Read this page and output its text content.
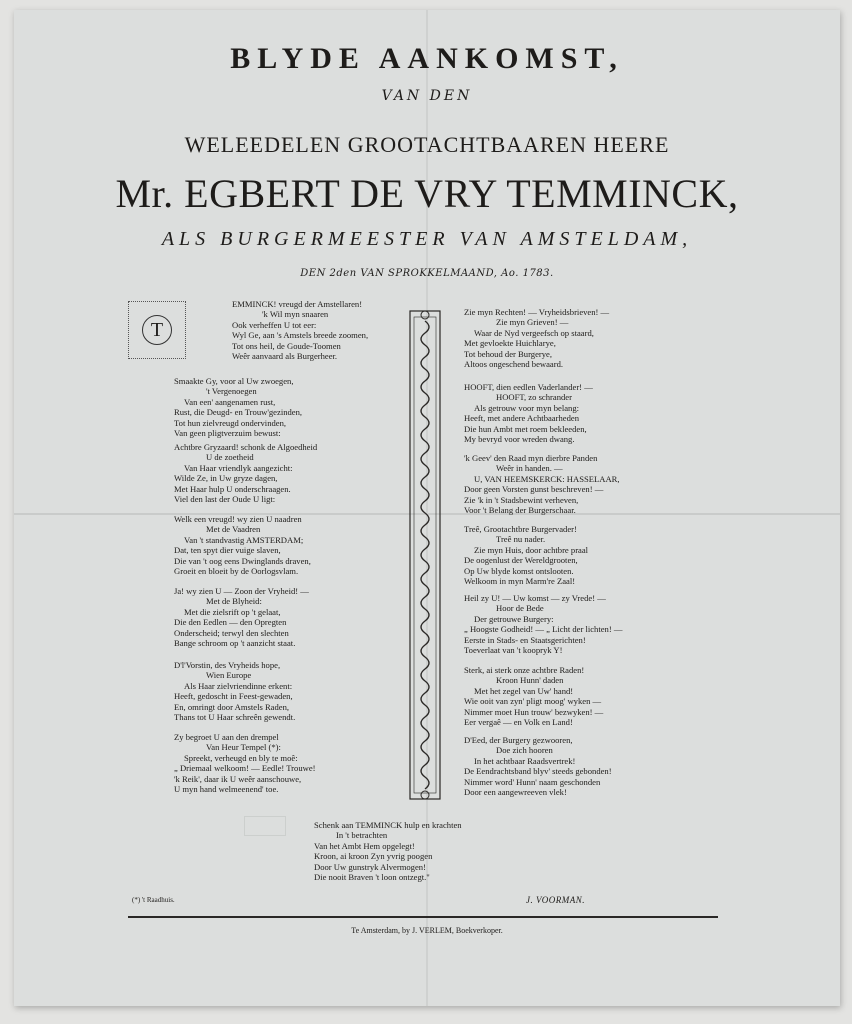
BLYDE AANKOMST,
VAN DEN
WELEEDELEN GROOTACHTBAAREN HEERE
Mr. EGBERT DE VRY TEMMINCK,
ALS BURGERMEESTER VAN AMSTELDAM,
DEN 2den VAN SPROKKELMAAND, Ao. 1783.
T
EMMINCK! vreugd der Amstellaren!
'k Wil myn snaaren
Ook verheffen U tot eer:
Wyl Ge, aan 's Amstels breede zoomen,
Tot ons heil, de Goude-Toomen
Weêr aanvaard als Burgerheer.
Smaakte Gy, voor al Uw zwoegen,
't Vergenoegen
Van een' aangenamen rust,
Rust, die Deugd- en Trouw'gezinden,
Tot hun zielvreugd ondervinden,
Van geen pligtverzuim bewust:
Achtbre Gryzaard! schonk de Algoedheid
U de zoetheid
Van Haar vriendlyk aangezicht:
Wilde Ze, in Uw gryze dagen,
Met Haar hulp U onderschraagen.
Viel den last der Oude U ligt:
Welk een vreugd! wy zien U naadren
Met de Vaadren
Van 't standvastig AMSTERDAM;
Dat, ten spyt dier vuige slaven,
Die van 't oog eens Dwinglands draven,
Groeit en bloeit by de Oorlogsvlam.
Ja! wy zien U — Zoon der Vryheid! —
Met de Blyheid:
Met die zielsrift op 't gelaat,
Die den Eedlen — den Opregten
Onderscheid; terwyl den slechten
Bange schroom op 't aanzicht staat.
D'l'Vorstin, des Vryheids hope,
Wien Europe
Als Haar zielvriendinne erkent:
Heeft, gedoscht in Feest-gewaden,
En, omringt door Amstels Raden,
Thans tot U Haar schreên gewendt.
Zy begroet U aan den drempel
Van Heur Tempel (*):
Spreekt, verheugd en bly te moê:
„ Driemaal welkoom! — Eedle! Trouwe!
'k Reik', daar ik U weêr aanschouwe,
U myn hand welmeenend' toe.
Zie myn Rechten! — Vryheidsbrieven! —
Zie myn Grieven! —
Waar de Nyd vergeefsch op staard,
Met gevloekte Huichlarye,
Tot behoud der Burgerye,
Altoos ongeschend bewaard.
HOOFT, dien eedlen Vaderlander! —
HOOFT, zo schrander
Als getrouw voor myn belang:
Heeft, met andere Achtbaarheden
Die hun Ambt met roem bekleeden,
My bevryd voor wreden dwang.
'k Geev' den Raad myn dierbre Panden
Weêr in handen. —
U, VAN HEEMSKERCK: HASSELAAR,
Door geen Vorsten gunst beschreven! —
Zie 'k in 't Stadsbewint verheven,
Voor 't Belang der Burgerschaar.
Treê, Grootachtbre Burgervader!
Treê nu nader.
Zie myn Huis, door achtbre praal
De oogenlust der Wereldgrooten,
Op Uw blyde komst ontslooten.
Welkoom in myn Marm're Zaal!
Heil zy U! — Uw komst — zy Vrede! —
Hoor de Bede
Der getrouwe Burgery:
„ Hoogste Godheid! — „ Licht der lichten! —
Eerste in Stads- en Staatsgerichten!
Toeverlaat van 't koopryk Y!
Sterk, ai sterk onze achtbre Raden!
Kroon Hunn' daden
Met het zegel van Uw' hand!
Wie ooit van zyn' pligt moog' wyken —
Nimmer moet Hun trouw' bezwyken! —
Eer vergaê — en Volk en Land!
D'Eed, der Burgery gezwooren,
Doe zich hooren
In het achtbaar Raadsvertrek!
De Eendrachtsband blyv' steeds gebonden!
Nimmer word' Hunn' naam geschonden
Door een aangewreeven vlek!
Schenk aan TEMMINCK hulp en krachten
In 't betrachten
Van het Ambt Hem opgelegt!
Kroon, ai kroon Zyn yvrig poogen
Door Uw gunstryk Alvermogen!
Die nooit Braven 't loon ontzegt."
(*) 't Raadhuis.	J. VOORMAN.
Te Amsterdam, by J. VERLEM, Boekverkoper.
